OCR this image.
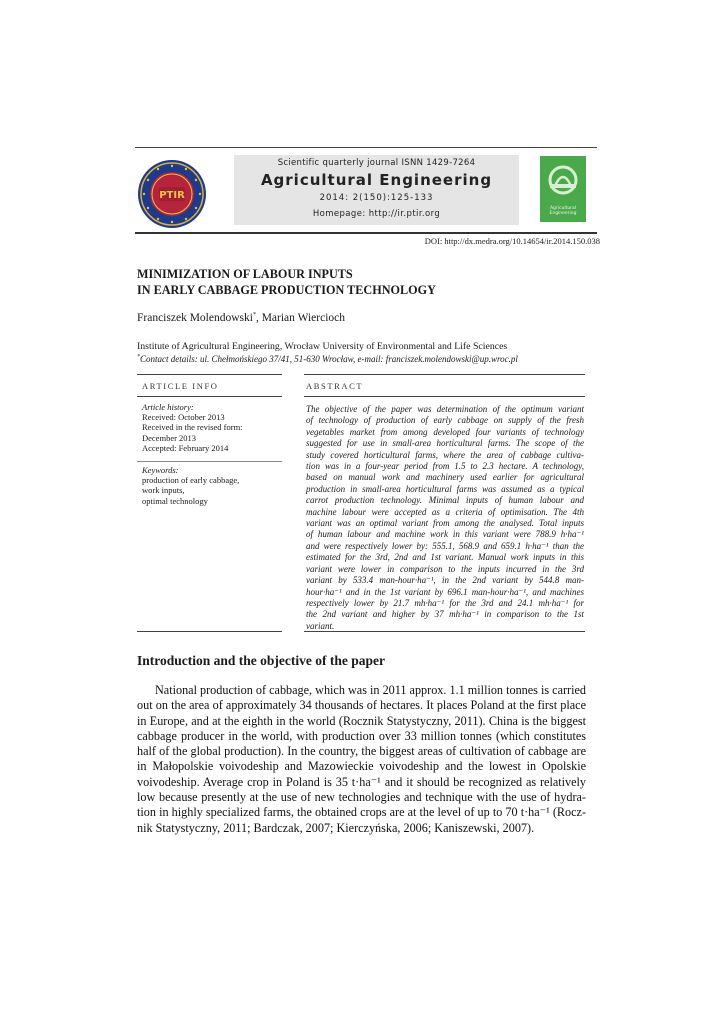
PTIR
Scientific quarterly journal ISNN 1429-7264
Agricultural Engineering
2014: 2(150):125-133
Homepage: http://ir.ptir.org
Agricultural Engineering
DOI: http://dx.medra.org/10.14654/ir.2014.150.038
MINIMIZATION OF LABOUR INPUTS
IN EARLY CABBAGE PRODUCTION TECHNOLOGY
Franciszek Molendowski*, Marian Wiercioch
Institute of Agricultural Engineering, Wrocław University of Environmental and Life Sciences
*Contact details: ul. Chełmońskiego 37/41, 51-630 Wrocław, e-mail: franciszek.molendowski@up.wroc.pl
ARTICLE INFO	ABSTRACT
Article history:
Received: October 2013
Received in the revised form:
December 2013
Accepted: February 2014
Keywords:
production of early cabbage,
work inputs,
optimal technology
The objective of the paper was determination of the optimum variant
of technology of production of early cabbage on supply of the fresh
vegetables market from among developed four variants of technology
suggested for use in small-area horticultural farms. The scope of the
study covered horticultural farms, where the area of cabbage cultiva-
tion was in a four-year period from 1.5 to 2.3 hectare. A technology,
based on manual work and machinery used earlier for agricultural
production in small-area horticultural farms was assumed as a typical
carrot production technology. Minimal inputs of human labour and
machine labour were accepted as a criteria of optimisation. The 4th
variant was an optimal variant from among the analysed. Total inputs
of human labour and machine work in this variant were 788.9 h·ha⁻¹
and were respectively lower by: 555.1, 568.9 and 659.1 h·ha⁻¹ than the
estimated for the 3rd, 2nd and 1st variant. Manual work inputs in this
variant were lower in comparison to the inputs incurred in the 3rd
variant by 533.4 man-hour·ha⁻¹, in the 2nd variant by 544.8 man-
hour·ha⁻¹ and in the 1st variant by 696.1 man-hour·ha⁻¹, and machines
respectively lower by 21.7 mh·ha⁻¹ for the 3rd and 24.1 mh·ha⁻¹ for
the 2nd variant and higher by 37 mh·ha⁻¹ in comparison to the 1st
variant.
Introduction and the objective of the paper
National production of cabbage, which was in 2011 approx. 1.1 million tonnes is carried
out on the area of approximately 34 thousands of hectares. It places Poland at the first place
in Europe, and at the eighth in the world (Rocznik Statystyczny, 2011). China is the biggest
cabbage producer in the world, with production over 33 million tonnes (which constitutes
half of the global production). In the country, the biggest areas of cultivation of cabbage are
in Małopolskie voivodeship and Mazowieckie voivodeship and the lowest in Opolskie
voivodeship. Average crop in Poland is 35 t·ha⁻¹ and it should be recognized as relatively
low because presently at the use of new technologies and technique with the use of hydra-
tion in highly specialized farms, the obtained crops are at the level of up to 70 t·ha⁻¹ (Rocz-
nik Statystyczny, 2011; Bardczak, 2007; Kierczyńska, 2006; Kaniszewski, 2007).
